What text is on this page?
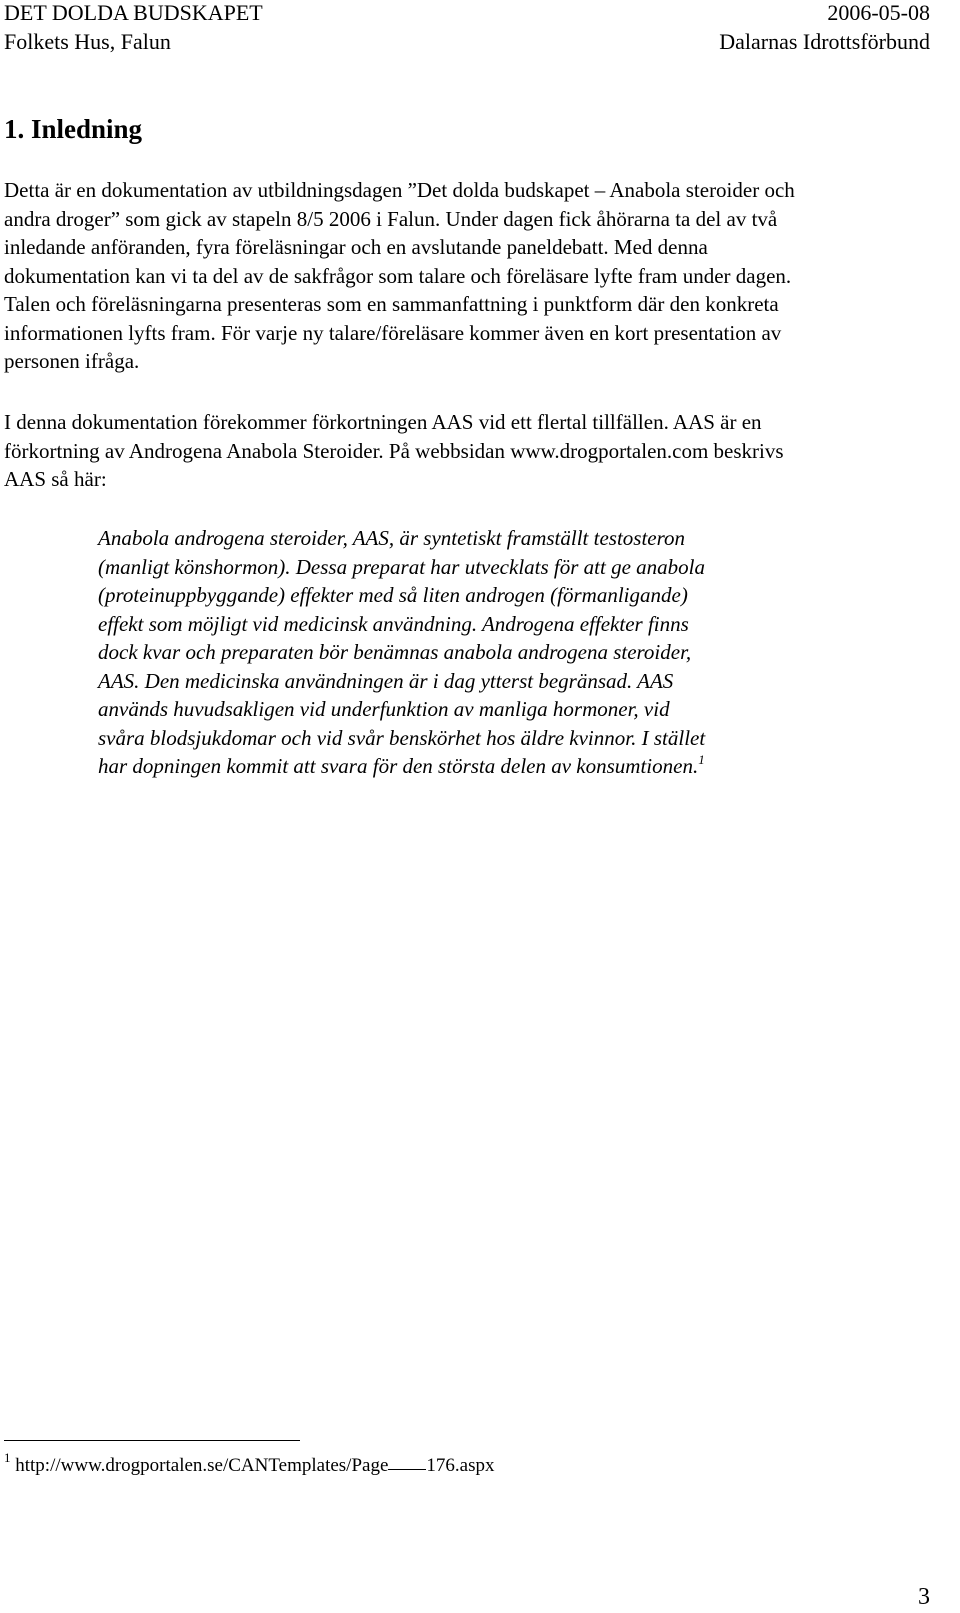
DET DOLDA BUDSKAPET	2006-05-08
Folkets Hus, Falun	Dalarnas Idrottsförbund
1. Inledning
Detta är en dokumentation av utbildningsdagen ”Det dolda budskapet – Anabola steroider och
andra droger” som gick av stapeln 8/5 2006 i Falun. Under dagen fick åhörarna ta del av två
inledande anföranden, fyra föreläsningar och en avslutande paneldebatt. Med denna
dokumentation kan vi ta del av de sakfrågor som talare och föreläsare lyfte fram under dagen.
Talen och föreläsningarna presenteras som en sammanfattning i punktform där den konkreta
informationen lyfts fram. För varje ny talare/föreläsare kommer även en kort presentation av
personen ifråga.
I denna dokumentation förekommer förkortningen AAS vid ett flertal tillfällen. AAS är en
förkortning av Androgena Anabola Steroider. På webbsidan www.drogportalen.com beskrivs
AAS så här:
Anabola androgena steroider, AAS, är syntetiskt framställt testosteron
(manligt könshormon). Dessa preparat har utvecklats för att ge anabola
(proteinuppbyggande) effekter med så liten androgen (förmanligande)
effekt som möjligt vid medicinsk användning. Androgena effekter finns
dock kvar och preparaten bör benämnas anabola androgena steroider,
AAS. Den medicinska användningen är i dag ytterst begränsad. AAS
används huvudsakligen vid underfunktion av manliga hormoner, vid
svåra blodsjukdomar och vid svår benskörhet hos äldre kvinnor. I stället
har dopningen kommit att svara för den största delen av konsumtionen.$^1$
$^1$ http://www.drogportalen.se/CANTemplates/Page 176.aspx
3
